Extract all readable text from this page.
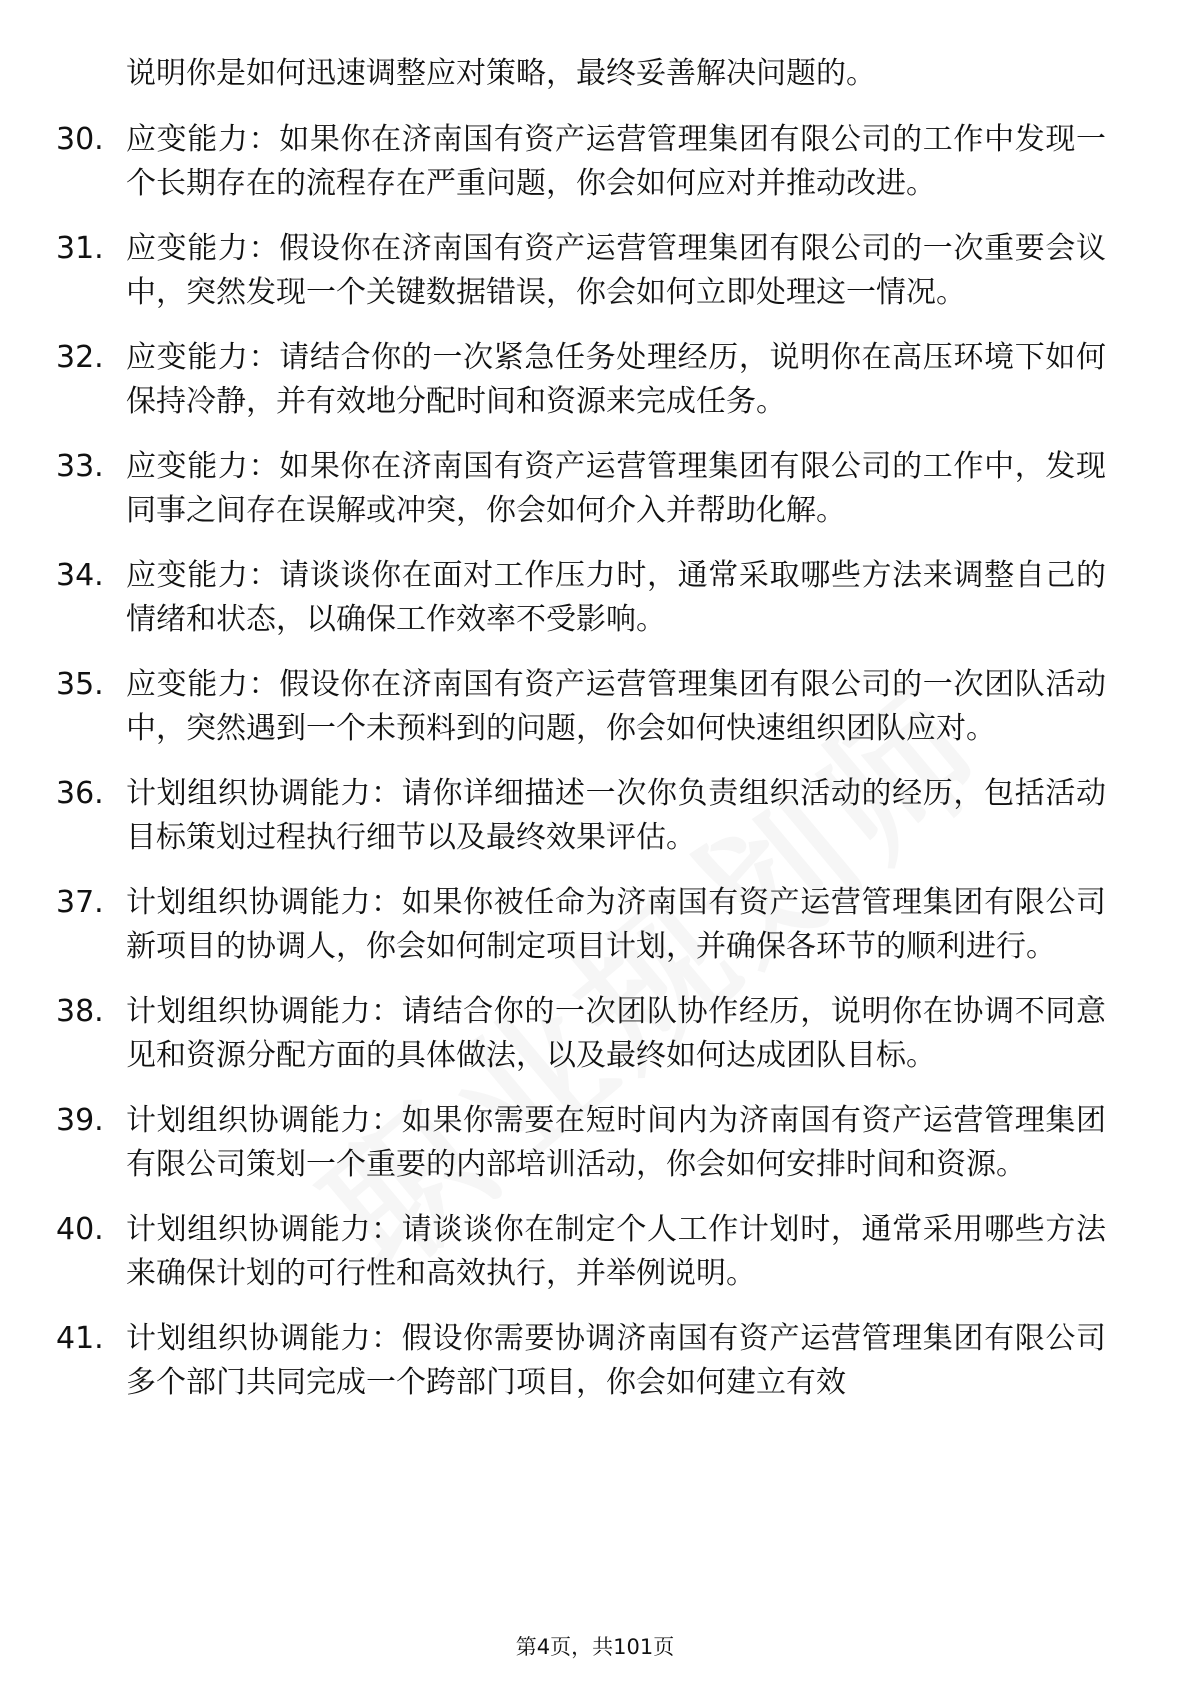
说明你是如何迅速调整应对策略，最终妥善解决问题的。

30. 应变能力：如果你在济南国有资产运营管理集团有限公司的工作中发现一个长期存在的流程存在严重问题，你会如何应对并推动改进。
31. 应变能力：假设你在济南国有资产运营管理集团有限公司的一次重要会议中，突然发现一个关键数据错误，你会如何立即处理这一情况。
32. 应变能力：请结合你的一次紧急任务处理经历，说明你在高压环境下如何保持冷静，并有效地分配时间和资源来完成任务。
33. 应变能力：如果你在济南国有资产运营管理集团有限公司的工作中，发现同事之间存在误解或冲突，你会如何介入并帮助化解。
34. 应变能力：请谈谈你在面对工作压力时，通常采取哪些方法来调整自己的情绪和状态，以确保工作效率不受影响。
35. 应变能力：假设你在济南国有资产运营管理集团有限公司的一次团队活动中，突然遇到一个未预料到的问题，你会如何快速组织团队应对。
36. 计划组织协调能力：请你详细描述一次你负责组织活动的经历，包括活动目标策划过程执行细节以及最终效果评估。
37. 计划组织协调能力：如果你被任命为济南国有资产运营管理集团有限公司新项目的协调人，你会如何制定项目计划，并确保各环节的顺利进行。
38. 计划组织协调能力：请结合你的一次团队协作经历，说明你在协调不同意见和资源分配方面的具体做法，以及最终如何达成团队目标。
39. 计划组织协调能力：如果你需要在短时间内为济南国有资产运营管理集团有限公司策划一个重要的内部培训活动，你会如何安排时间和资源。
40. 计划组织协调能力：请谈谈你在制定个人工作计划时，通常采用哪些方法来确保计划的可行性和高效执行，并举例说明。
41. 计划组织协调能力：假设你需要协调济南国有资产运营管理集团有限公司多个部门共同完成一个跨部门项目，你会如何建立有效
第4页，共101页
